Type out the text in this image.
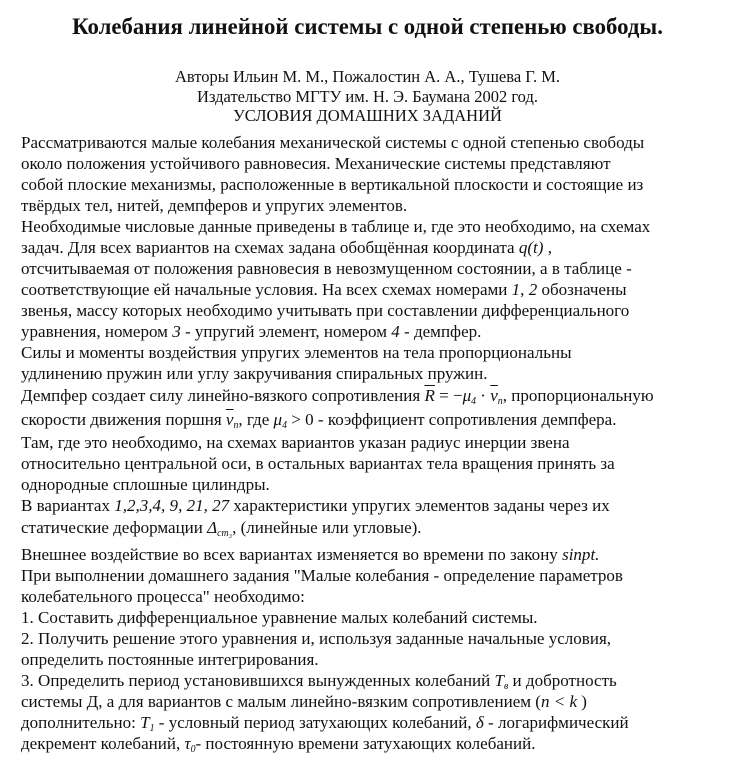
Колебания линейной системы с одной степенью свободы.
Авторы Ильин М. М., Пожалостин А. А., Тушева Г. М.
Издательство МГТУ им. Н. Э. Баумана 2002 год.
УСЛОВИЯ ДОМАШНИХ ЗАДАНИЙ
Рассматриваются малые колебания механической системы с одной степенью свободы
около положения устойчивого равновесия. Механические системы представляют
собой плоские механизмы, расположенные в вертикальной плоскости и состоящие из
твёрдых тел, нитей, демпферов и упругих элементов.
Необходимые числовые данные приведены в таблице и, где это необходимо, на схемах
задач. Для всех вариантов на схемах задана обобщённая координата q(t) ,
отсчитываемая от положения равновесия в невозмущенном состоянии, а в таблице -
соответствующие ей начальные условия. На всех схемах номерами 1, 2 обозначены
звенья, массу которых необходимо учитывать при составлении дифференциального
уравнения, номером 3 - упругий элемент, номером 4 - демпфер.
Силы и моменты воздействия упругих элементов на тела пропорциональны
удлинению пружин или углу закручивания спиральных пружин.
Демпфер создает силу линейно-вязкого сопротивления $\overline{R} = -\mu_4 \cdot \overline{v}_п$, пропорциональную
скорости движения поршня $\overline{v}_п$, где $\mu_4 > 0$ - коэффициент сопротивления демпфера.
Там, где это необходимо, на схемах вариантов указан радиус инерции звена
относительно центральной оси, в остальных вариантах тела вращения принять за
однородные сплошные цилиндры.
В вариантах 1,2,3,4, 9, 21, 27 характеристики упругих элементов заданы через их
статические деформации $\Delta_{cm_3}$, (линейные или угловые).
Внешнее воздействие во всех вариантах изменяется во времени по закону sinpt.
При выполнении домашнего задания "Малые колебания - определение параметров
колебательного процесса" необходимо:
1. Составить дифференциальное уравнение малых колебаний системы.
2. Получить решение этого уравнения и, используя заданные начальные условия,
определить постоянные интегрирования.
3. Определить период установившихся вынужденных колебаний $T_в$ и добротность
системы Д, а для вариантов с малым линейно-вязким сопротивлением (n < k )
дополнительно: $T_1$ - условный период затухающих колебаний, δ - логарифмический
декремент колебаний, $\tau_0-$ постоянную времени затухающих колебаний.
